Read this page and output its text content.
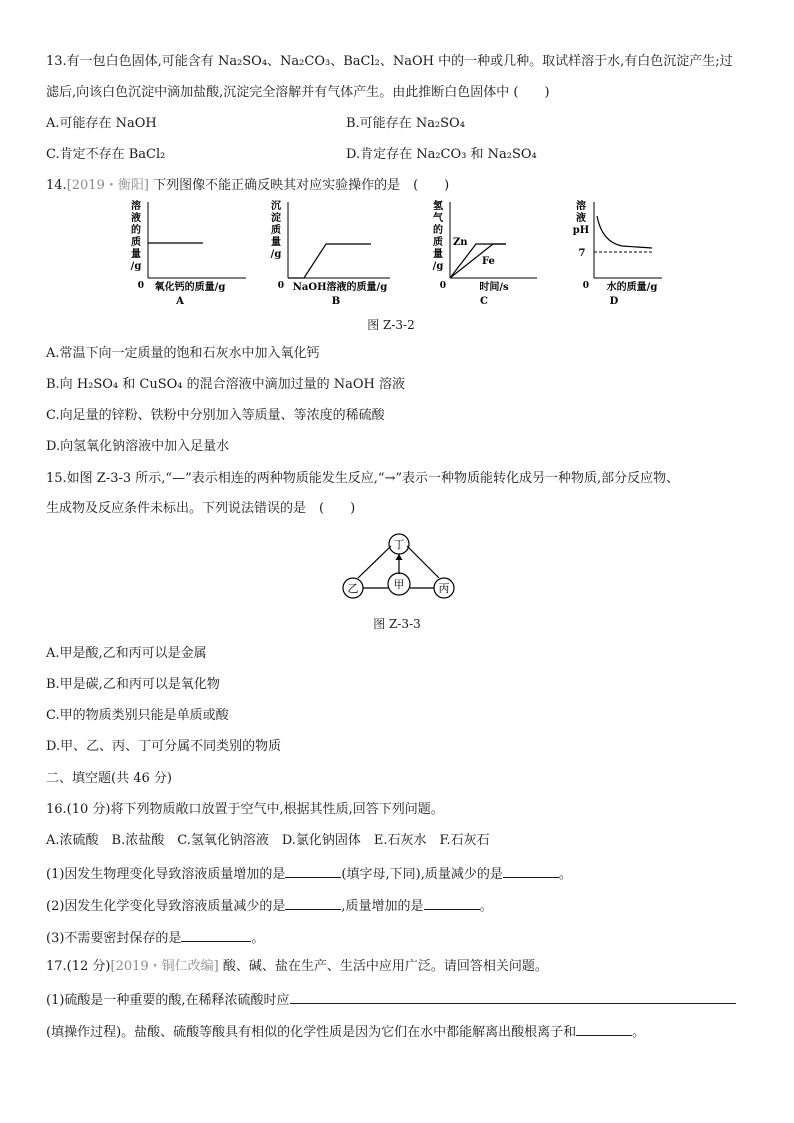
13.有一包白色固体,可能含有 Na₂SO₄、Na₂CO₃、BaCl₂、NaOH 中的一种或几种。取试样溶于水,有白色沉淀产生;过
滤后,向该白色沉淀中滴加盐酸,沉淀完全溶解并有气体产生。由此推断白色固体中 (　　)
A.可能存在 NaOH	B.可能存在 Na₂SO₄
C.肯定不存在 BaCl₂	D.肯定存在 Na₂CO₃ 和 Na₂SO₄
14.[2019・衡阳] 下列图像不能正确反映其对应实验操作的是　(　　)
溶
液
的
质
量
/g
0 氧化钙的质量/g
A
沉
淀
质
量
/g
0 NaOH溶液的质量/g
B
氢
气
的
质
量
/g
Zn
Fe
0	时间/s
C
溶
液
pH
7
0 水的质量/g
D
图 Z-3-2
A.常温下向一定质量的饱和石灰水中加入氧化钙
B.向 H₂SO₄ 和 CuSO₄ 的混合溶液中滴加过量的 NaOH 溶液
C.向足量的锌粉、铁粉中分别加入等质量、等浓度的稀硫酸
D.向氢氧化钠溶液中加入足量水
15.如图 Z-3-3 所示,“—”表示相连的两种物质能发生反应,“→”表示一种物质能转化成另一种物质,部分反应物、
生成物及反应条件未标出。下列说法错误的是　(　　)
丁
乙	甲	丙
图 Z-3-3
A.甲是酸,乙和丙可以是金属
B.甲是碳,乙和丙可以是氧化物
C.甲的物质类别只能是单质或酸
D.甲、乙、丙、丁可分属不同类别的物质
二、填空题(共 46 分)
16.(10 分)将下列物质敞口放置于空气中,根据其性质,回答下列问题。
A.浓硫酸　B.浓盐酸　C.氢氧化钠溶液　D.氯化钠固体　E.石灰水　F.石灰石
(1)因发生物理变化导致溶液质量增加的是	(填字母,下同),质量减少的是	。
(2)因发生化学变化导致溶液质量减少的是	,质量增加的是	。
(3)不需要密封保存的是	。
17.(12 分)[2019・铜仁改编] 酸、碱、盐在生产、生活中应用广泛。请回答相关问题。
(1)硫酸是一种重要的酸,在稀释浓硫酸时应
(填操作过程)。盐酸、硫酸等酸具有相似的化学性质是因为它们在水中都能解离出酸根离子和	。
